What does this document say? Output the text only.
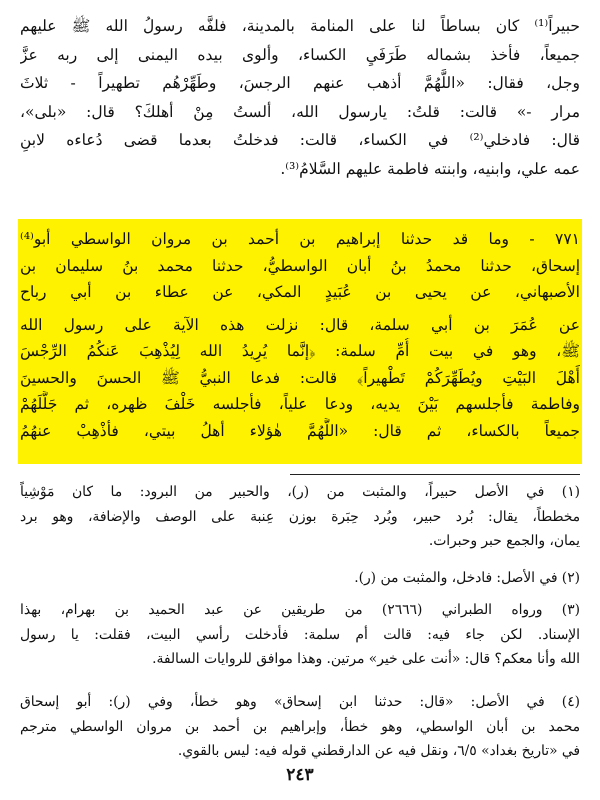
حبيراً⁽¹⁾ كان بساطاً لنا على المنامة بالمدينة، فلفَّه رسولُ الله ﷺ عليهم
جميعاً، فأخذ بشماله طَرَفَيِ الكساء، وألوى بيده اليمنى إلى ربه عزَّ
وجل، فقال: «اللَّهُمَّ أذهب عنهم الرجسَ، وطَهِّرْهُم تطهيراً - ثلاثَ
مرار -» قالت: قلتُ: يارسول الله، ألستُ مِنْ أهلكَ؟ قال: «بلى»،
قال: فادخلي⁽²⁾ في الكساء، قالت: فدخلتُ بعدما قضى دُعاءه لابنِ
عمه علي، وابنيه، وابنته فاطمة عليهم السَّلامُ⁽³⁾.
٧٧١ - وما قد حدثنا إبراهيم بن أحمد بن مروان الواسطي أبو⁽⁴⁾
إسحاق، حدثنا محمدُ بنُ أبان الواسطيُّ، حدثنا محمد بنُ سليمان بن
الأصبهاني، عن يحيى بن عُبَيدٍ المكي، عن عطاء بن أبي رباح
عن عُمَرَ بن أبي سلمة، قال: نزلت هذه الآية على رسول الله
ﷺ، وهو في بيت أُمِّ سلمة: ﴿إنَّما يُرِيدُ الله لِيُذْهِبَ عَنكُمُ الرِّجْسَ
أَهْلَ البَيْتِ ويُطَهِّرَكُمْ تَطْهيراً﴾ قالت: فدعا النبيُّ ﷺ الحسنَ والحسينَ
وفاطمة فأجلسهم بَيْنَ يديه، ودعا علياً، فأجلسه خَلْفَ ظهره، ثم جَلَّلَهُمْ
جميعاً بالكساء، ثم قال: «اللَّهُمَّ هٰؤلاء أهلُ بيتي، فأذْهِبْ عنهُمُ
(١) في الأصل حبيراً، والمثبت من (ر)، والحبير من البرود: ما كان مَوْشِياً
مخططاً، يقال: بُرد حبير، وبُرد حِبَرة بوزن عِنبة على الوصف والإضافة، وهو برد
يمان، والجمع حبر وحبرات.
(٢) في الأصل: فادخل، والمثبت من (ر).
(٣) ورواه الطبراني (٢٦٦٦) من طريقين عن عبد الحميد بن بهرام، بهذا
الإسناد. لكن جاء فيه: قالت أم سلمة: فأدخلت رأسي البيت، فقلت: يا رسول
الله وأنا معكم؟ قال: «أنت على خير» مرتين. وهذا موافق للروايات السالفة.
(٤) في الأصل: «قال: حدثنا ابن إسحاق» وهو خطأ، وفي (ر): أبو إسحاق
محمد بن أبان الواسطي، وهو خطأ، وإبراهيم بن أحمد بن مروان الواسطي مترجم
في «تاريخ بغداد» ٦/٥، ونقل فيه عن الدارقطني قوله فيه: ليس بالقوي.
٢٤٣
